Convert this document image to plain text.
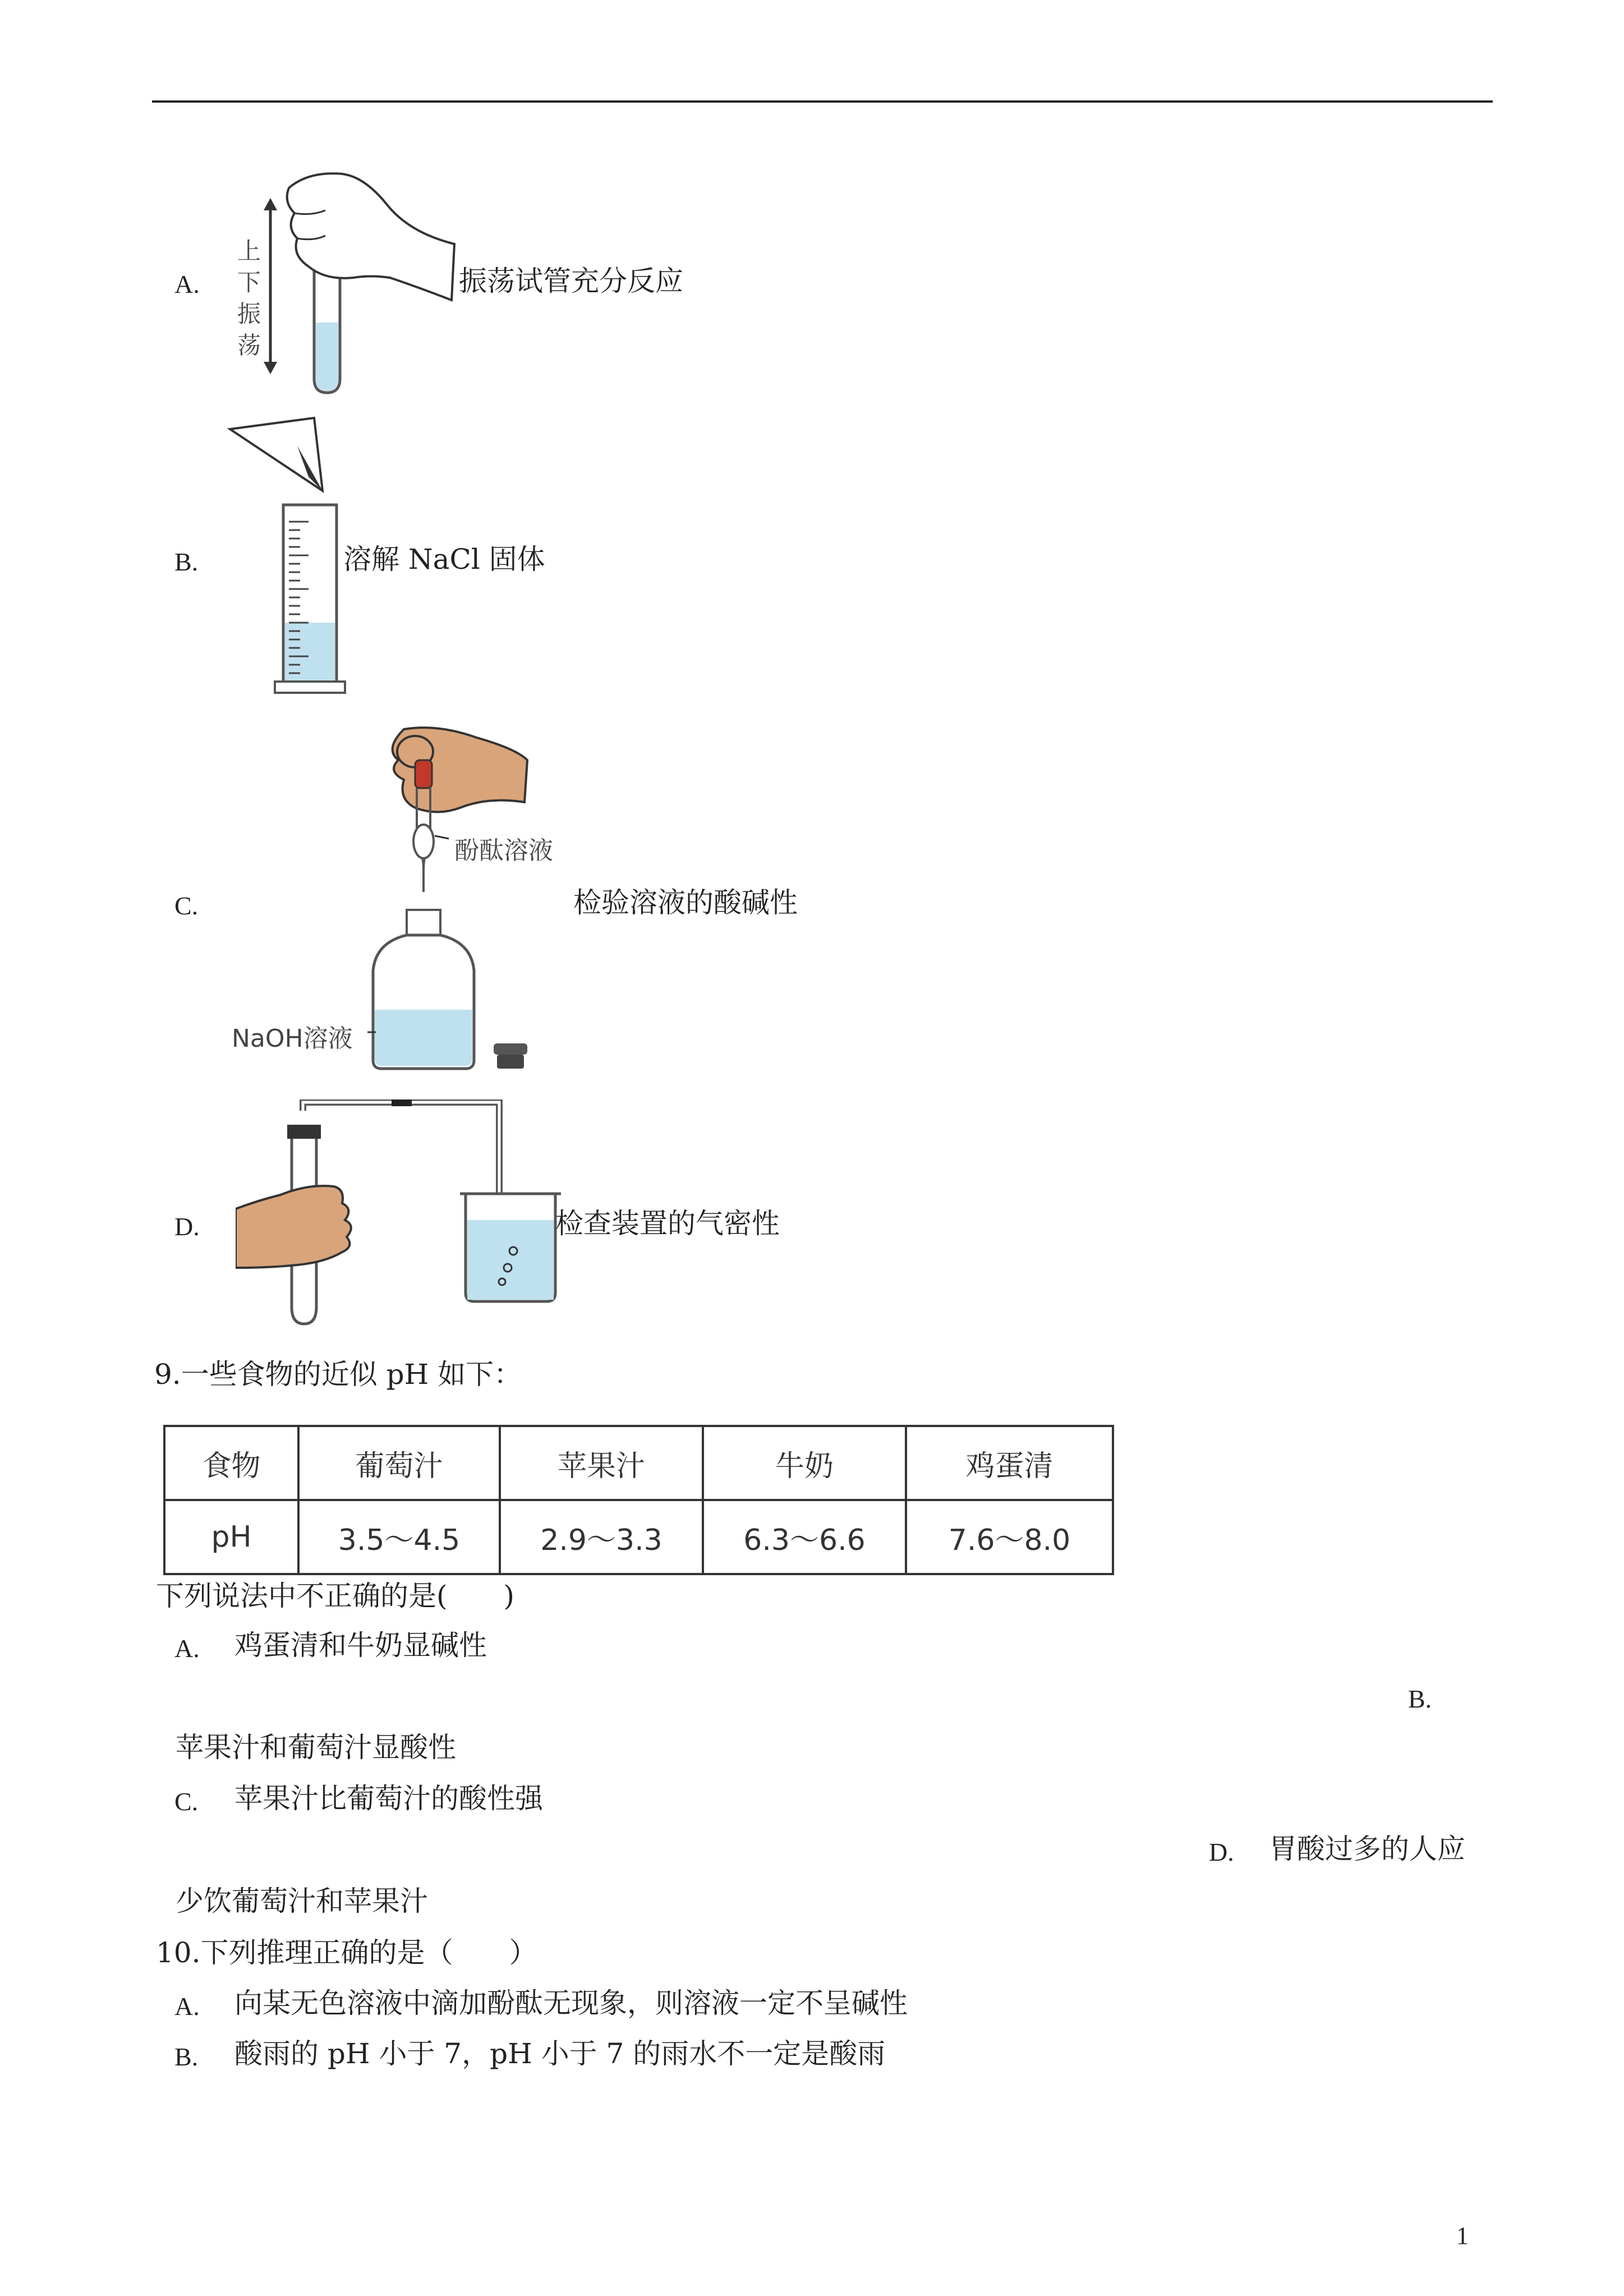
A.
上
下
振
荡
振荡试管充分反应
B.	溶解 NaCl 固体
C.
酚酞溶液
NaOH溶液
检验溶液的酸碱性
D.	检查装置的气密性
9.一些食物的近似 pH 如下：
食物	葡萄汁	苹果汁	牛奶	鸡蛋清
pH	3.5～4.5	2.9～3.3	6.3～6.6	7.6～8.0
下列说法中不正确的是(　　)
A. 鸡蛋清和牛奶显碱性
B.
苹果汁和葡萄汁显酸性
C. 苹果汁比葡萄汁的酸性强
D. 胃酸过多的人应
少饮葡萄汁和苹果汁
10.下列推理正确的是（　　）
A. 向某无色溶液中滴加酚酞无现象，则溶液一定不呈碱性
B. 酸雨的 pH 小于 7，pH 小于 7 的雨水不一定是酸雨
1
